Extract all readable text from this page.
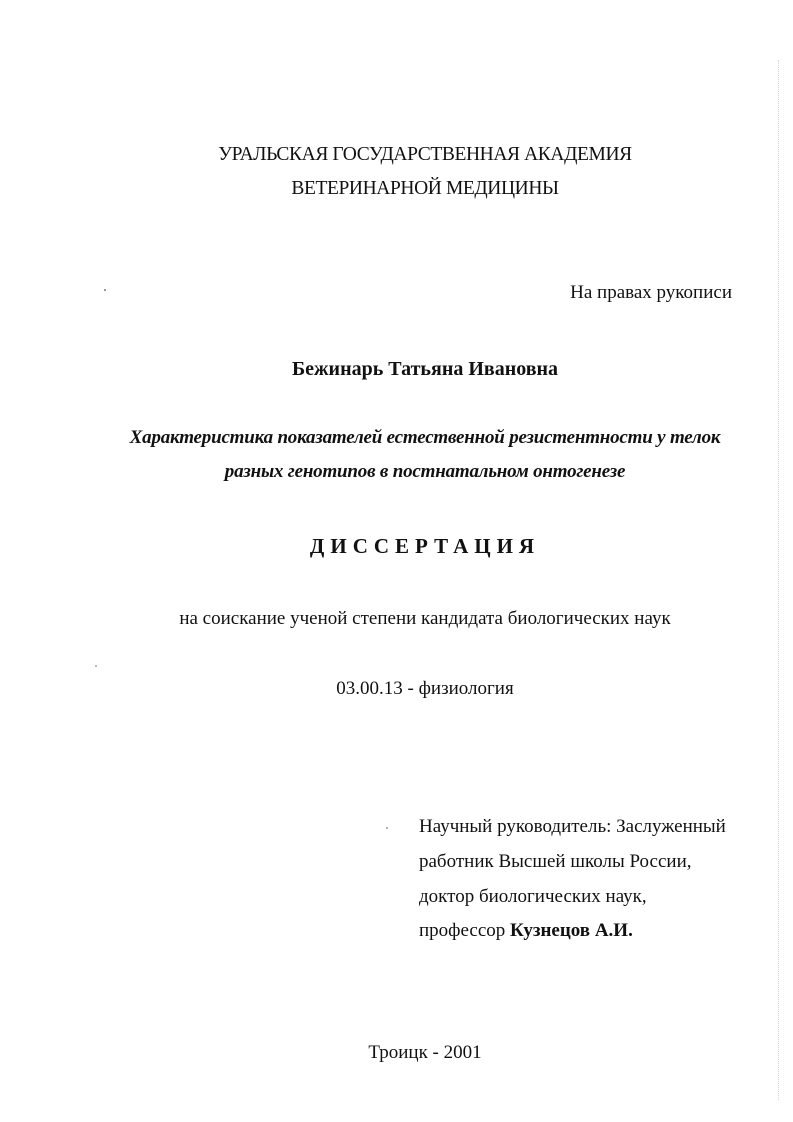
УРАЛЬСКАЯ ГОСУДАРСТВЕННАЯ АКАДЕМИЯ
ВЕТЕРИНАРНОЙ МЕДИЦИНЫ
На правах рукописи
Бежинарь Татьяна Ивановна
Характеристика показателей естественной резистентности у телок
разных генотипов в постнатальном онтогенезе
ДИССЕРТАЦИЯ
на соискание ученой степени кандидата биологических наук
03.00.13 - физиология
Научный руководитель: Заслуженный
работник Высшей школы России,
доктор биологических наук,
профессор Кузнецов А.И.
Троицк - 2001
